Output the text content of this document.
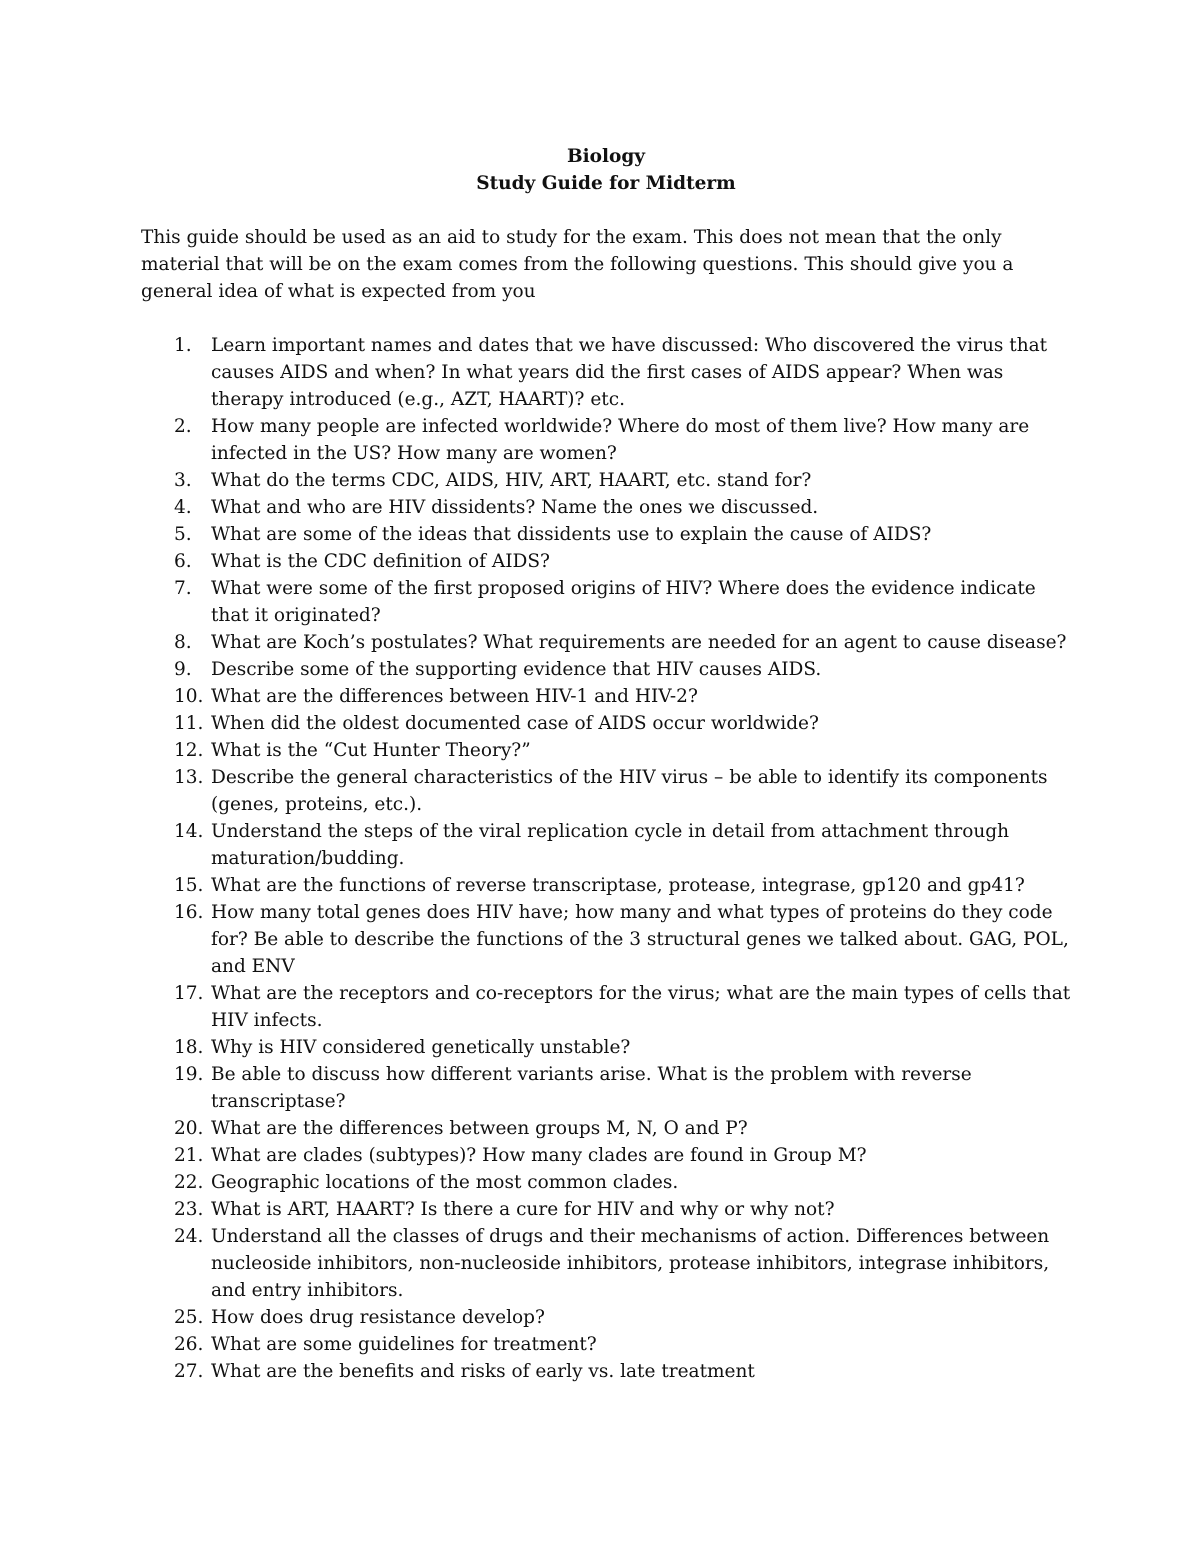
Biology

Study Guide for Midterm

This guide should be used as an aid to study for the exam. This does not mean that the only material that will be on the exam comes from the following questions. This should give you a general idea of what is expected from you

1. Learn important names and dates that we have discussed: Who discovered the virus that causes AIDS and when? In what years did the first cases of AIDS appear? When was therapy introduced (e.g., AZT, HAART)? etc.
2. How many people are infected worldwide? Where do most of them live? How many are infected in the US? How many are women?
3. What do the terms CDC, AIDS, HIV, ART, HAART, etc. stand for?
4. What and who are HIV dissidents? Name the ones we discussed.
5. What are some of the ideas that dissidents use to explain the cause of AIDS?
6. What is the CDC definition of AIDS?
7. What were some of the first proposed origins of HIV? Where does the evidence indicate that it originated?
8. What are Koch’s postulates? What requirements are needed for an agent to cause disease?
9. Describe some of the supporting evidence that HIV causes AIDS.
10. What are the differences between HIV-1 and HIV-2?
11. When did the oldest documented case of AIDS occur worldwide?
12. What is the “Cut Hunter Theory?”
13. Describe the general characteristics of the HIV virus – be able to identify its components (genes, proteins, etc.).
14. Understand the steps of the viral replication cycle in detail from attachment through maturation/budding.
15. What are the functions of reverse transcriptase, protease, integrase, gp120 and gp41?
16. How many total genes does HIV have; how many and what types of proteins do they code for? Be able to describe the functions of the 3 structural genes we talked about. GAG, POL, and ENV
17. What are the receptors and co-receptors for the virus; what are the main types of cells that HIV infects.
18. Why is HIV considered genetically unstable?
19. Be able to discuss how different variants arise. What is the problem with reverse transcriptase?
20. What are the differences between groups M, N, O and P?
21. What are clades (subtypes)? How many clades are found in Group M?
22. Geographic locations of the most common clades.
23. What is ART, HAART? Is there a cure for HIV and why or why not?
24. Understand all the classes of drugs and their mechanisms of action. Differences between nucleoside inhibitors, non-nucleoside inhibitors, protease inhibitors, integrase inhibitors, and entry inhibitors.
25. How does drug resistance develop?
26. What are some guidelines for treatment?
27. What are the benefits and risks of early vs. late treatment
